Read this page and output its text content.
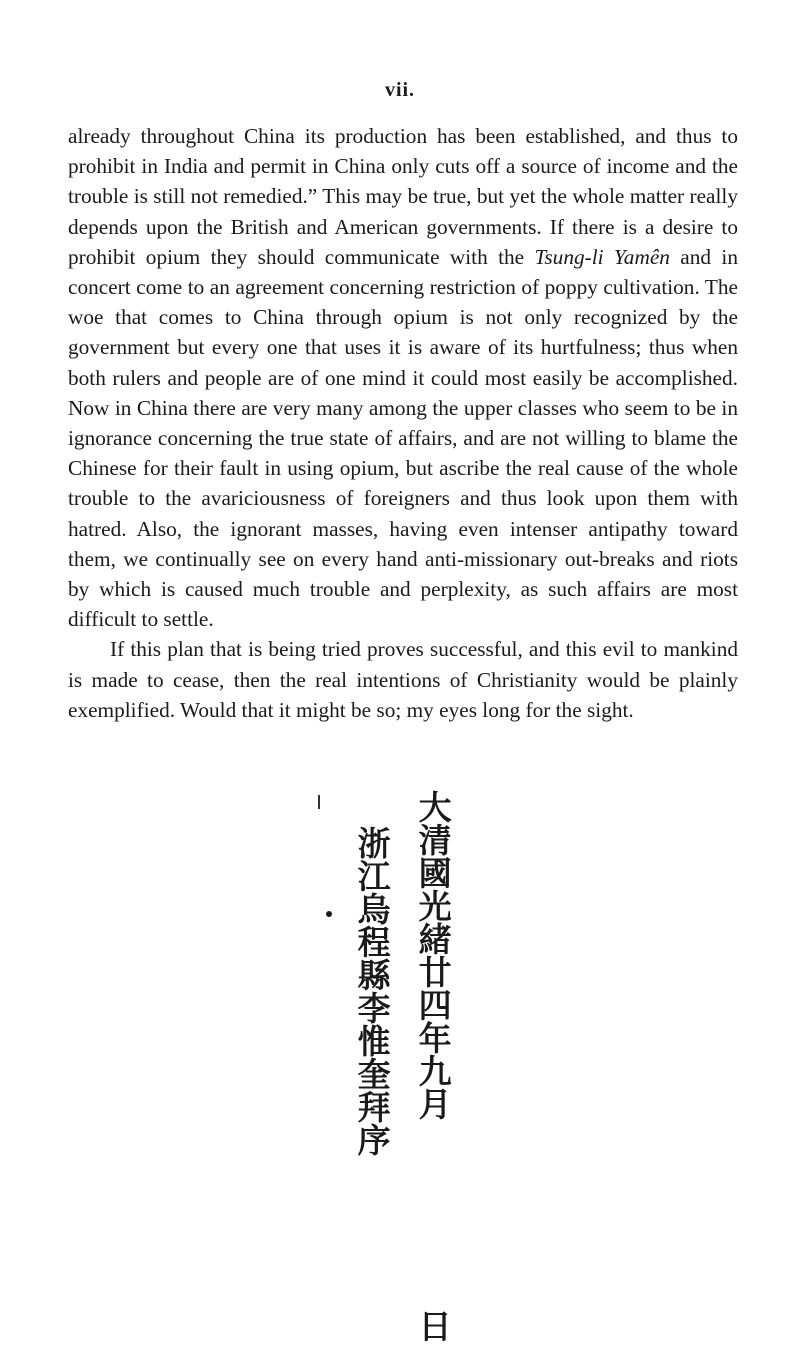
vii.

already throughout China its production has been established, and thus to prohibit in India and permit in China only cuts off a source of income and the trouble is still not remedied.” This may be true, but yet the whole matter really depends upon the British and American governments. If there is a desire to prohibit opium they should communicate with the Tsung-li Yamên and in concert come to an agreement concerning restriction of poppy cultivation. The woe that comes to China through opium is not only recognized by the government but every one that uses it is aware of its hurtfulness; thus when both rulers and people are of one mind it could most easily be accomplished. Now in China there are very many among the upper classes who seem to be in ignorance concerning the true state of affairs, and are not willing to blame the Chinese for their fault in using opium, but ascribe the real cause of the whole trouble to the avariciousness of foreigners and thus look upon them with hatred. Also, the ignorant masses, having even intenser antipathy toward them, we continually see on every hand anti-missionary out-breaks and riots by which is caused much trouble and perplexity, as such affairs are most difficult to settle.

If this plan that is being tried proves successful, and this evil to mankind is made to cease, then the real intentions of Christianity would be plainly exemplified. Would that it might be so; my eyes long for the sight.

大清國光緒廿四年九月
日
浙江烏程縣李惟奎拜序
